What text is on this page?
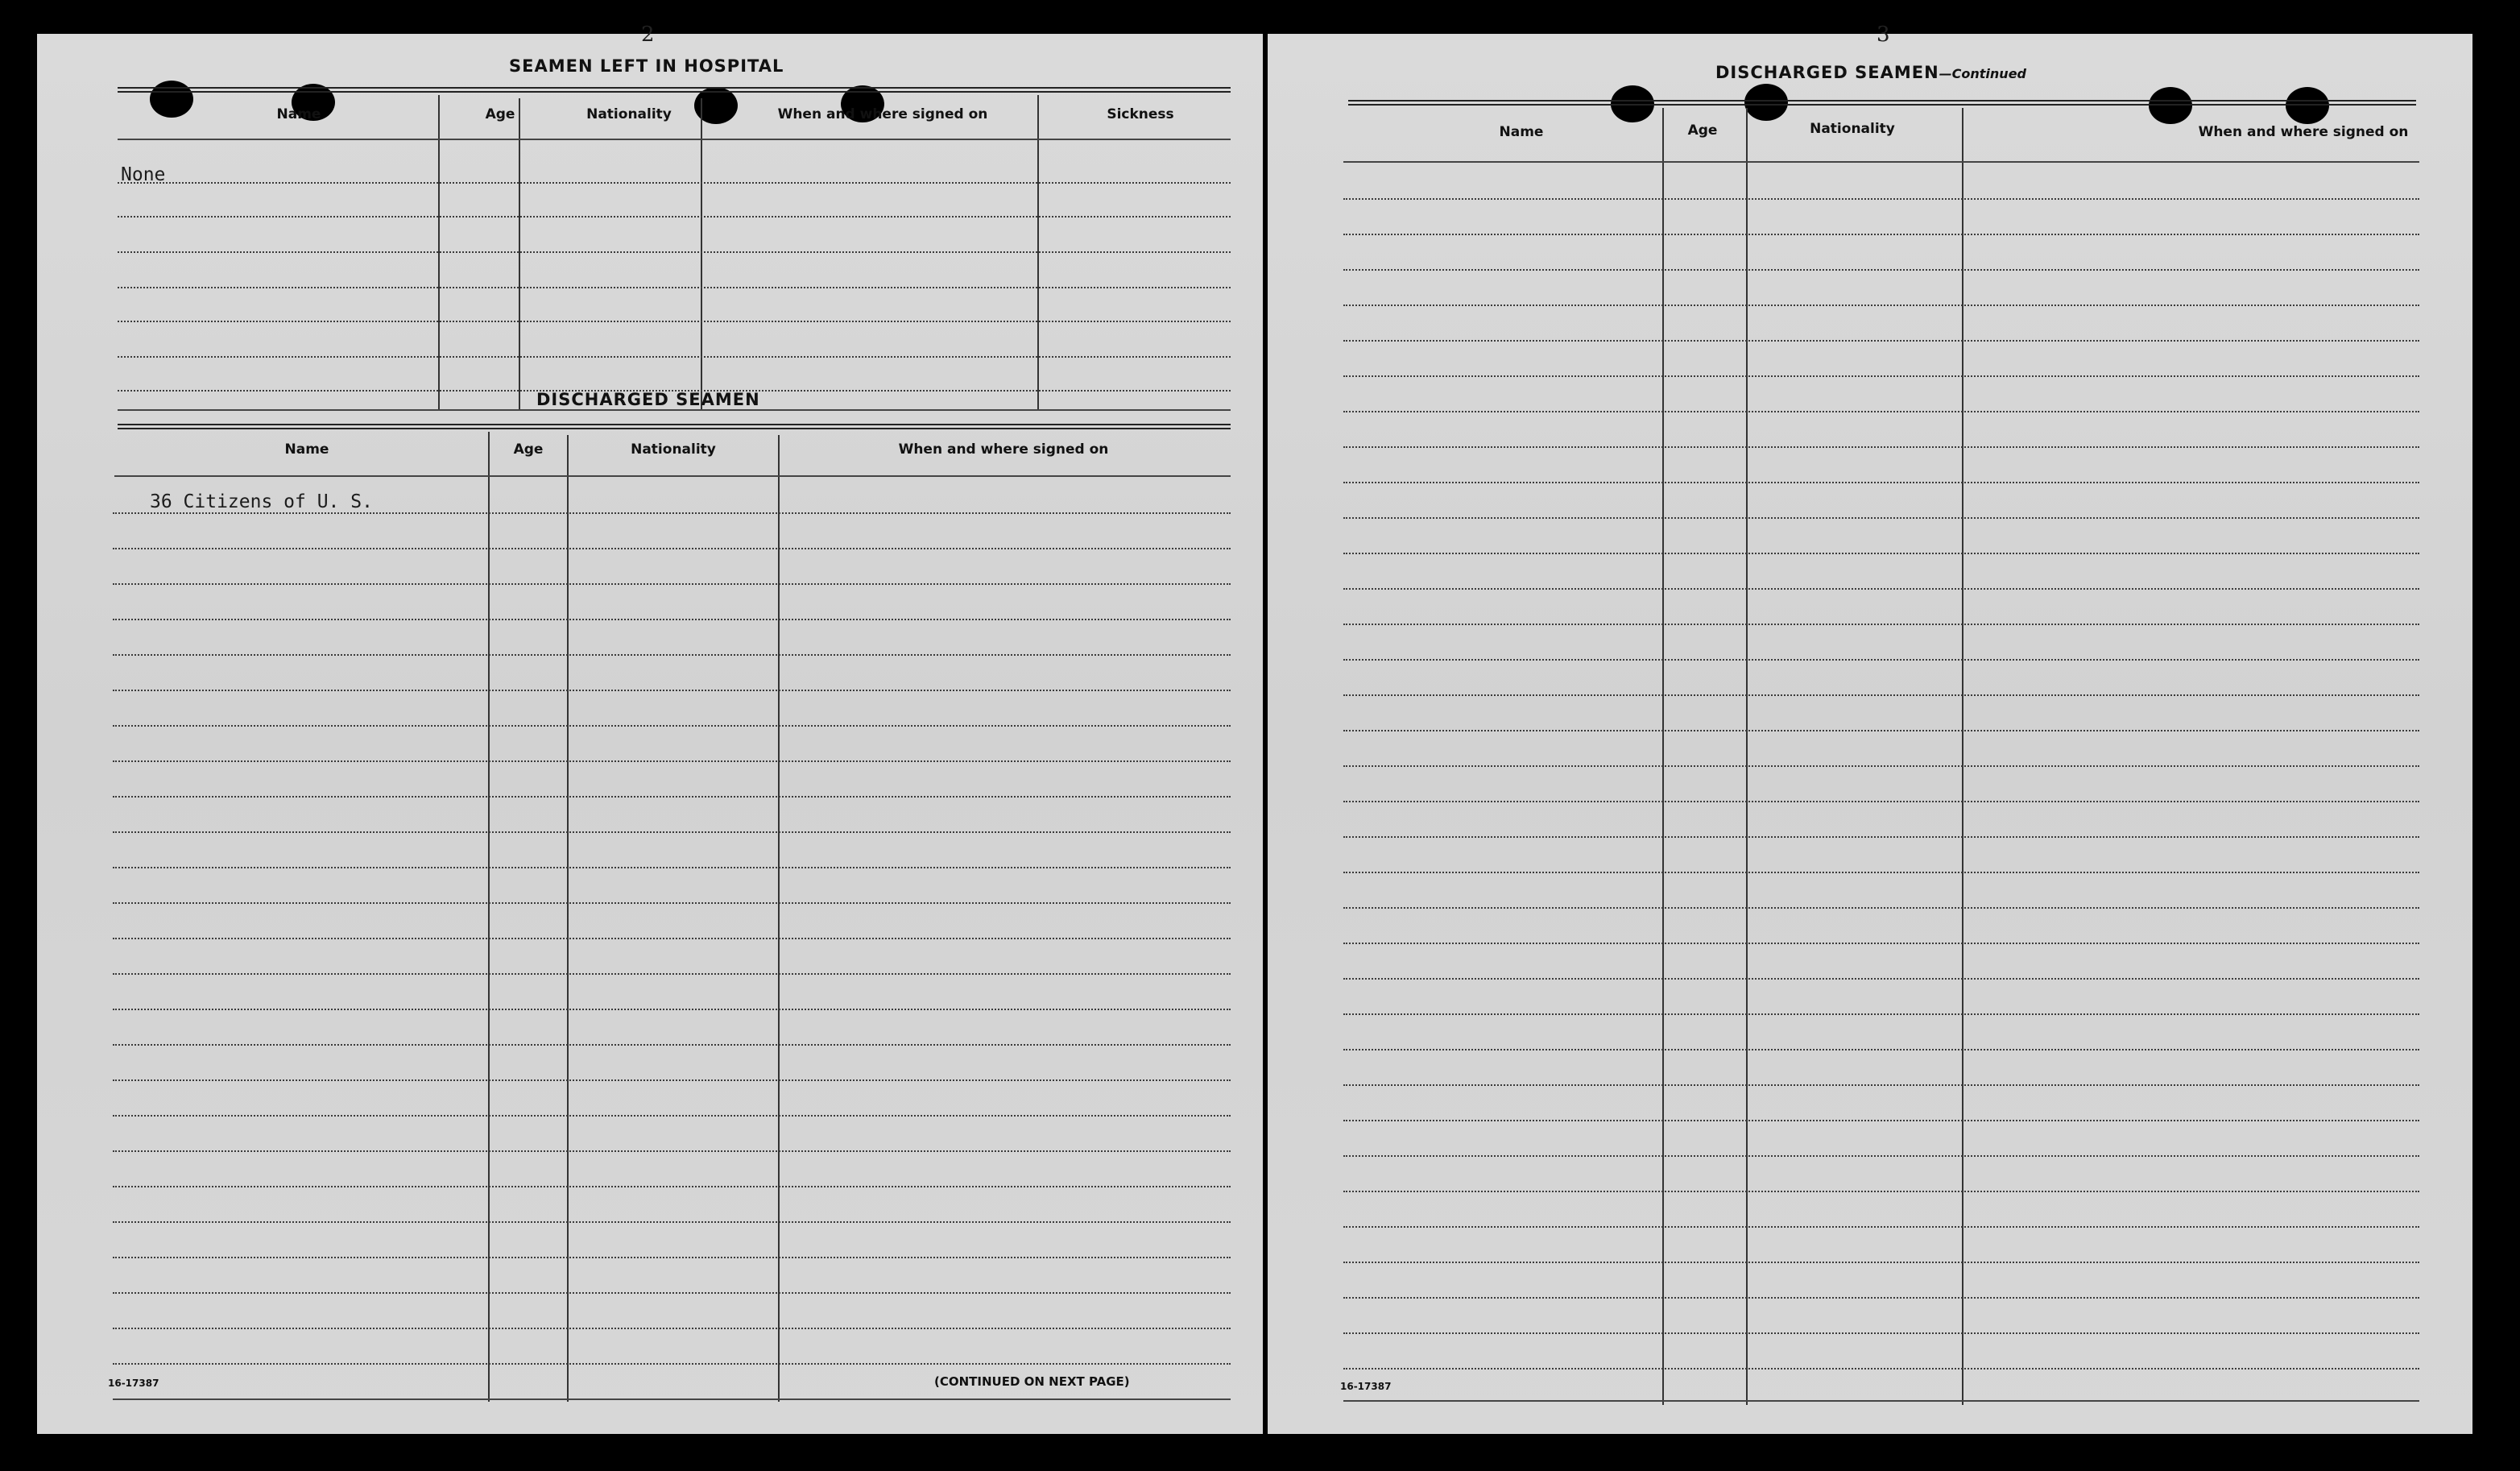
2
SEAMEN LEFT IN HOSPITAL
Name	Age	Nationality	When and where signed on	Sickness
None
DISCHARGED SEAMEN
Name	Age	Nationality	When and where signed on
36 Citizens of U. S.
16-17387	(CONTINUED ON NEXT PAGE)
3
DISCHARGED SEAMEN—Continued
Name	Age	Nationality	When and where signed on
16-17387
